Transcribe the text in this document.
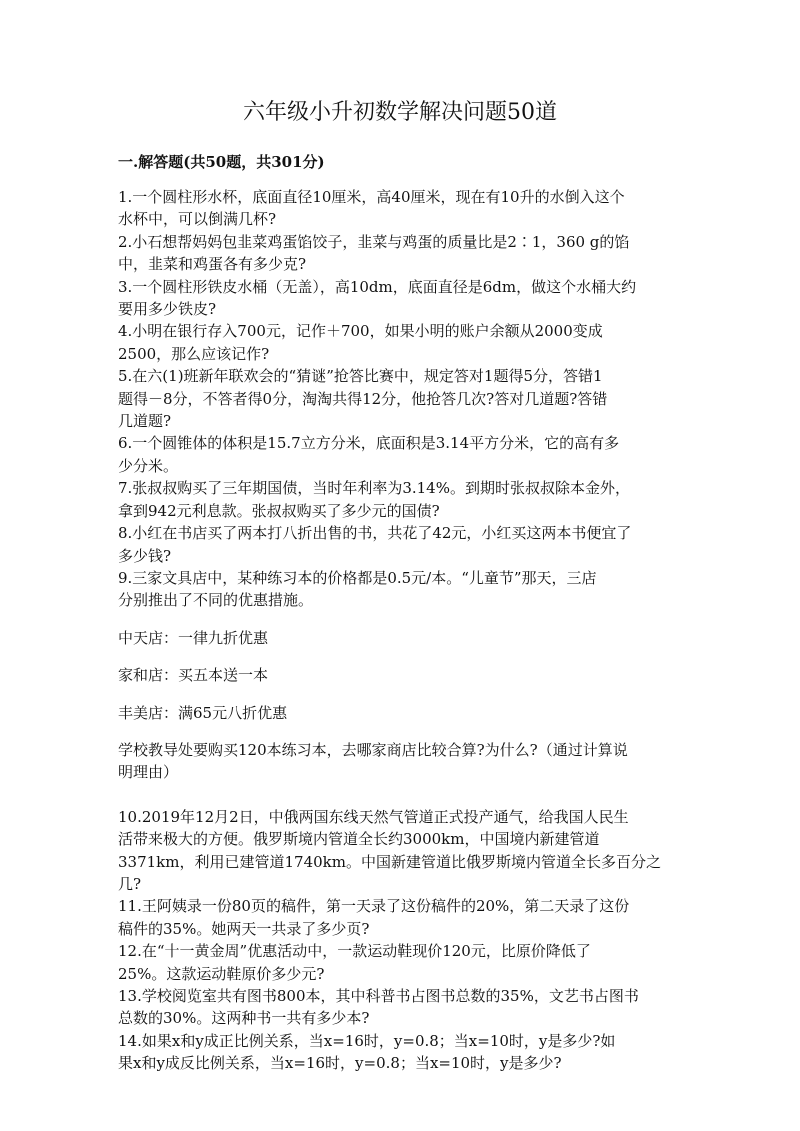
六年级小升初数学解决问题50道
一.解答题(共50题，共301分)
1.一个圆柱形水杯，底面直径10厘米，高40厘米，现在有10升的水倒入这个
水杯中，可以倒满几杯?
2.小石想帮妈妈包韭菜鸡蛋馅饺子，韭菜与鸡蛋的质量比是2∶1，360 g的馅
中，韭菜和鸡蛋各有多少克?
3.一个圆柱形铁皮水桶（无盖），高10dm，底面直径是6dm，做这个水桶大约
要用多少铁皮?
4.小明在银行存入700元，记作＋700，如果小明的账户余额从2000变成
2500，那么应该记作?
5.在六(1)班新年联欢会的“猜谜”抢答比赛中，规定答对1题得5分，答错1
题得－8分，不答者得0分，淘淘共得12分，他抢答几次?答对几道题?答错
几道题?
6.一个圆锥体的体积是15.7立方分米，底面积是3.14平方分米，它的高有多
少分米。
7.张叔叔购买了三年期国债，当时年利率为3.14%。到期时张叔叔除本金外，
拿到942元利息款。张叔叔购买了多少元的国债?
8.小红在书店买了两本打八折出售的书，共花了42元，小红买这两本书便宜了
多少钱?
9.三家文具店中，某种练习本的价格都是0.5元/本。“儿童节”那天，三店
分别推出了不同的优惠措施。
中天店：一律九折优惠
家和店：买五本送一本
丰美店：满65元八折优惠
学校教导处要购买120本练习本，去哪家商店比较合算?为什么?（通过计算说
明理由）
10.2019年12月2日，中俄两国东线天然气管道正式投产通气，给我国人民生
活带来极大的方便。俄罗斯境内管道全长约3000km，中国境内新建管道
3371km，利用已建管道1740km。中国新建管道比俄罗斯境内管道全长多百分之
几?
11.王阿姨录一份80页的稿件，第一天录了这份稿件的20%，第二天录了这份
稿件的35%。她两天一共录了多少页?
12.在“十一黄金周”优惠活动中，一款运动鞋现价120元，比原价降低了
25%。这款运动鞋原价多少元?
13.学校阅览室共有图书800本，其中科普书占图书总数的35%，文艺书占图书
总数的30%。这两种书一共有多少本?
14.如果x和y成正比例关系，当x=16时，y=0.8；当x=10时，y是多少?如
果x和y成反比例关系，当x=16时，y=0.8；当x=10时，y是多少?
